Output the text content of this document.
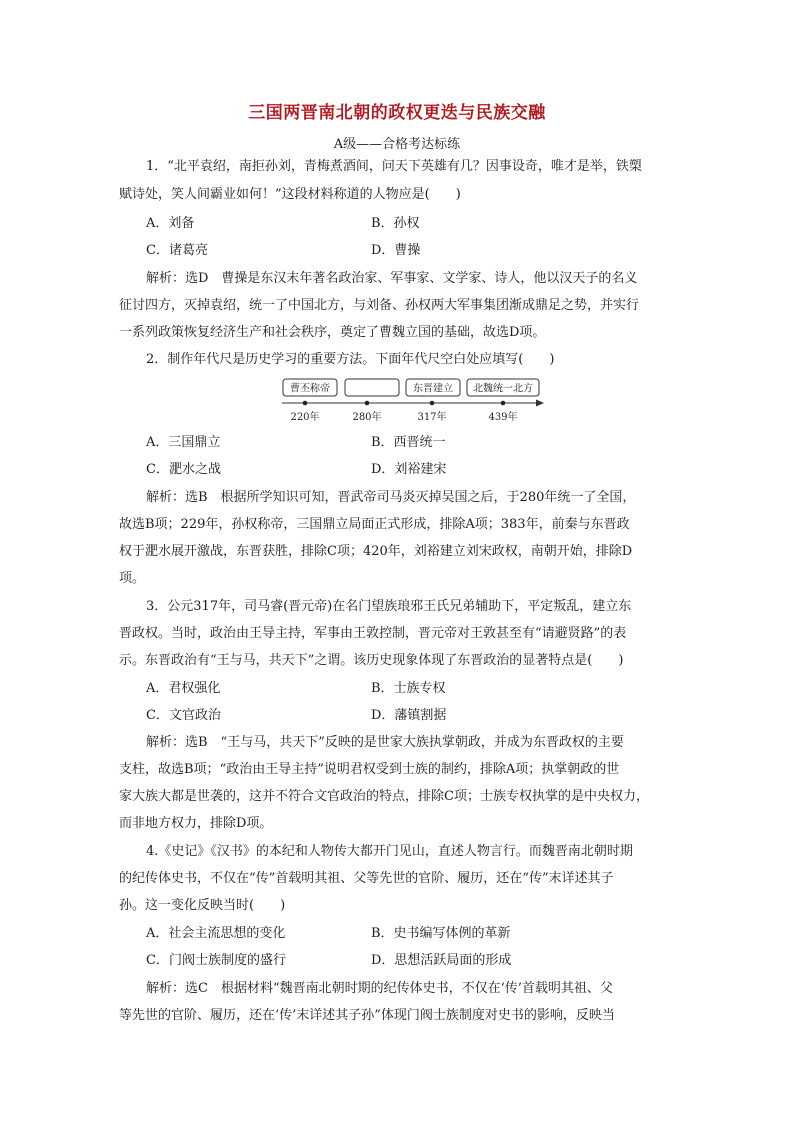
三国两晋南北朝的政权更迭与民族交融
A级——合格考达标练
1．“北平袁绍，南拒孙刘，青梅煮酒间，问天下英雄有几？因事设奇，唯才是举，铁槊
赋诗处，笑人间霸业如何！”这段材料称道的人物应是(　　)
A．刘备	B．孙权
C．诸葛亮	D．曹操
解析：选D　曹操是东汉末年著名政治家、军事家、文学家、诗人，他以汉天子的名义
征讨四方，灭掉袁绍，统一了中国北方，与刘备、孙权两大军事集团渐成鼎足之势，并实行
一系列政策恢复经济生产和社会秩序，奠定了曹魏立国的基础，故选D项。
2．制作年代尺是历史学习的重要方法。下面年代尺空白处应填写(　　)
曹丕称帝	东晋建立 北魏统一北方
220年	280年	317年	439年
A．三国鼎立	B．西晋统一
C．淝水之战	D．刘裕建宋
解析：选B　根据所学知识可知，晋武帝司马炎灭掉吴国之后，于280年统一了全国，
故选B项；229年，孙权称帝，三国鼎立局面正式形成，排除A项；383年，前秦与东晋政
权于淝水展开激战，东晋获胜，排除C项；420年，刘裕建立刘宋政权，南朝开始，排除D
项。
3．公元317年，司马睿(晋元帝)在名门望族琅邪王氏兄弟辅助下，平定叛乱，建立东
晋政权。当时，政治由王导主持，军事由王敦控制，晋元帝对王敦甚至有“请避贤路”的表
示。东晋政治有“王与马，共天下”之谓。该历史现象体现了东晋政治的显著特点是(　　)
A．君权强化	B．士族专权
C．文官政治	D．藩镇割据
解析：选B　“王与马，共天下”反映的是世家大族执掌朝政，并成为东晋政权的主要
支柱，故选B项；“政治由王导主持”说明君权受到士族的制约，排除A项；执掌朝政的世
家大族大都是世袭的，这并不符合文官政治的特点，排除C项；士族专权执掌的是中央权力，
而非地方权力，排除D项。
4.《史记》《汉书》的本纪和人物传大都开门见山，直述人物言行。而魏晋南北朝时期
的纪传体史书，不仅在“传”首载明其祖、父等先世的官阶、履历，还在“传”末详述其子
孙。这一变化反映当时(　　)
A．社会主流思想的变化	B．史书编写体例的革新
C．门阀士族制度的盛行	D．思想活跃局面的形成
解析：选C　根据材料“魏晋南北朝时期的纪传体史书，不仅在‘传’首载明其祖、父
等先世的官阶、履历，还在‘传’末详述其子孙”体现门阀士族制度对史书的影响，反映当
